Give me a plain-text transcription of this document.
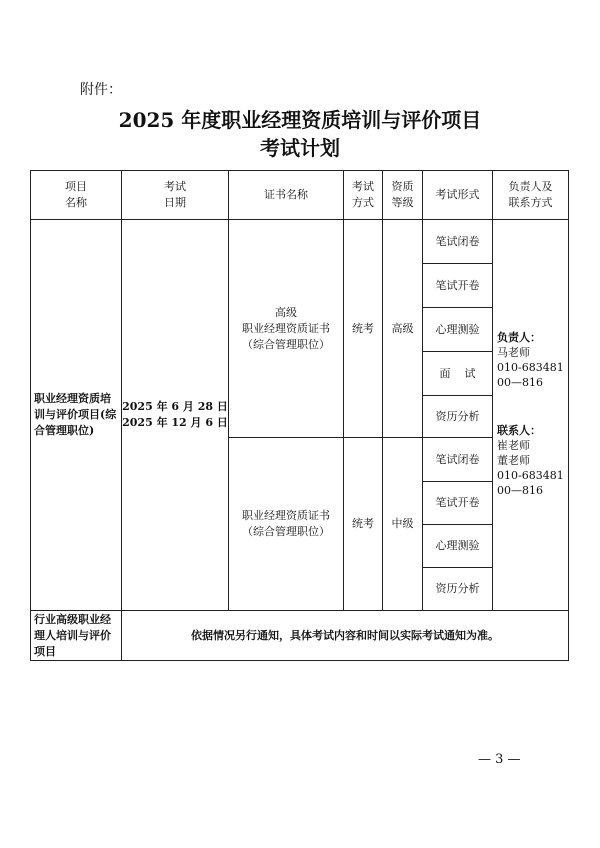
附件：
2025 年度职业经理资质培训与评价项目
考试计划
项目
名称
考试
日期
证书名称
考试
方式
资质
等级
考试形式
负责人及
联系方式
职业经理资质培训与评价项目(综合管理职位)
2025 年 6 月 28 日
2025 年 12 月 6 日
高级
职业经理资质证书
（综合管理职位）
统考	高级
笔试闭卷
笔试开卷
心理测验
面    试
资历分析
职业经理资质证书
（综合管理职位）
统考	中级
笔试闭卷
笔试开卷
心理测验
资历分析
负责人：
马老师
010-683481
00—816
联系人：
崔老师
董老师
010-683481
00—816
行业高级职业经理人培训与评价项目
依据情况另行通知，具体考试内容和时间以实际考试通知为准。
— 3 —
